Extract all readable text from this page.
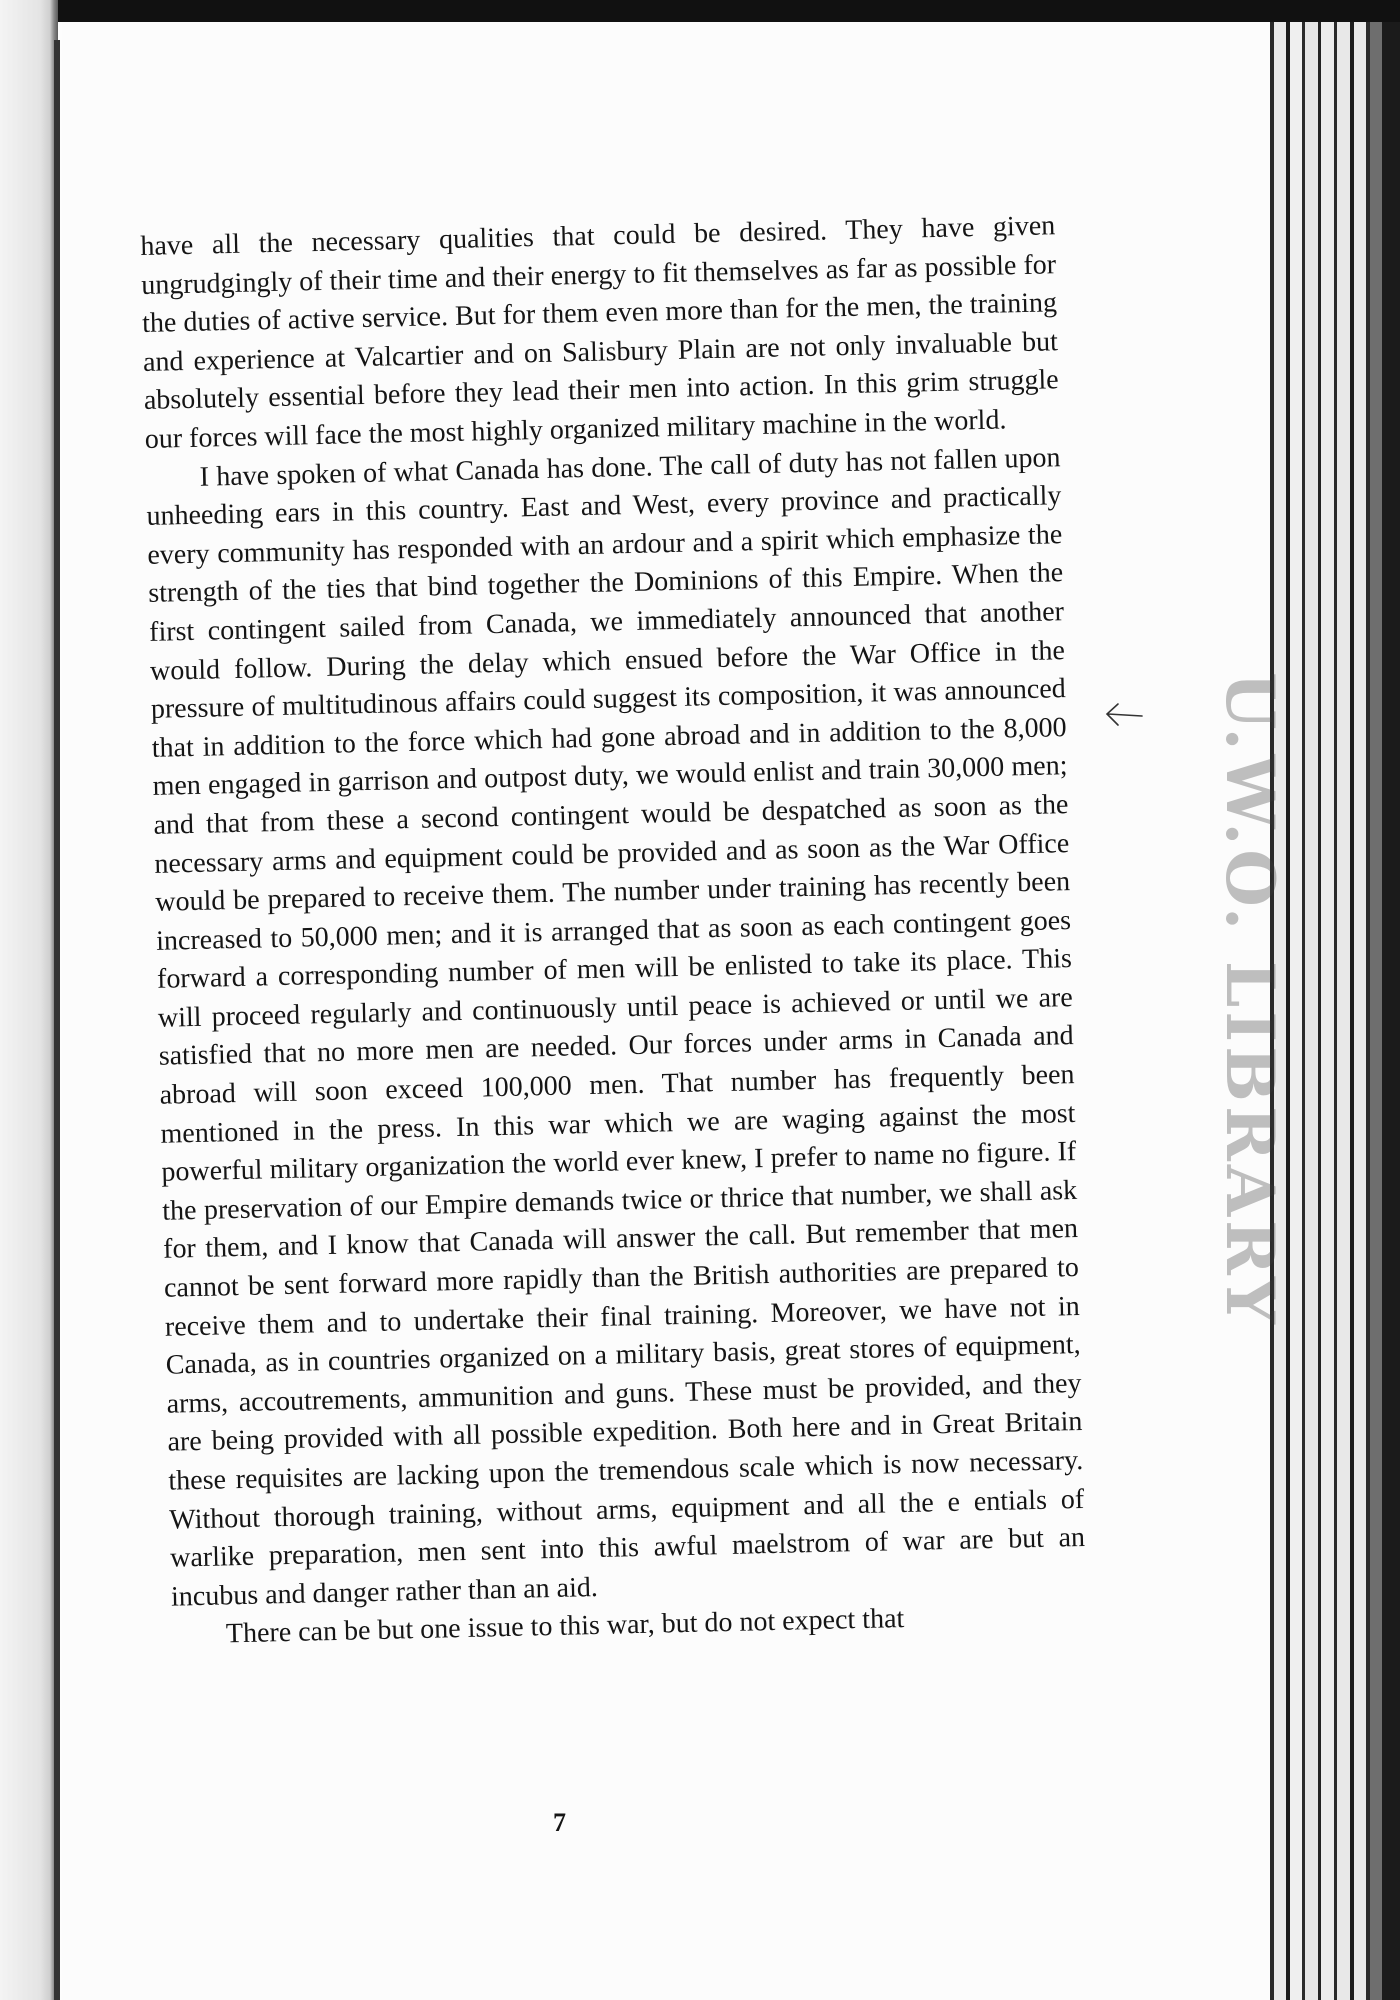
U.W.O. LIBRARY

have all the necessary qualities that could be desired. They have given ungrudgingly of their time and their energy to fit themselves as far as possible for the duties of active service. But for them even more than for the men, the training and experience at Valcartier and on Salisbury Plain are not only invaluable but absolutely essential before they lead their men into action. In this grim struggle our forces will face the most highly organized military machine in the world.

I have spoken of what Canada has done. The call of duty has not fallen upon unheeding ears in this country. East and West, every province and practically every community has responded with an ardour and a spirit which emphasize the strength of the ties that bind together the Dominions of this Empire. When the first contingent sailed from Canada, we immediately announced that another would follow. During the delay which ensued before the War Office in the pressure of multitudinous affairs could suggest its composition, it was announced that in addition to the force which had gone abroad and in addition to the 8,000 men engaged in garrison and outpost duty, we would enlist and train 30,000 men; and that from these a second contingent would be despatched as soon as the necessary arms and equipment could be provided and as soon as the War Office would be prepared to receive them. The number under training has recently been increased to 50,000 men; and it is arranged that as soon as each contingent goes forward a corresponding number of men will be enlisted to take its place. This will proceed regularly and continuously until peace is achieved or until we are satisfied that no more men are needed. Our forces under arms in Canada and abroad will soon exceed 100,000 men. That number has frequently been mentioned in the press. In this war which we are waging against the most powerful military organization the world ever knew, I prefer to name no figure. If the preservation of our Empire demands twice or thrice that number, we shall ask for them, and I know that Canada will answer the call. But remember that men cannot be sent forward more rapidly than the British authorities are prepared to receive them and to undertake their final training. Moreover, we have not in Canada, as in countries organized on a military basis, great stores of equipment, arms, accoutrements, ammunition and guns. These must be provided, and they are being provided with all possible expedition. Both here and in Great Britain these requisites are lacking upon the tremendous scale which is now necessary. Without thorough training, without arms, equipment and all the e entials of warlike preparation, men sent into this awful maelstrom of war are but an incubus and danger rather than an aid.

There can be but one issue to this war, but do not expect that

7
